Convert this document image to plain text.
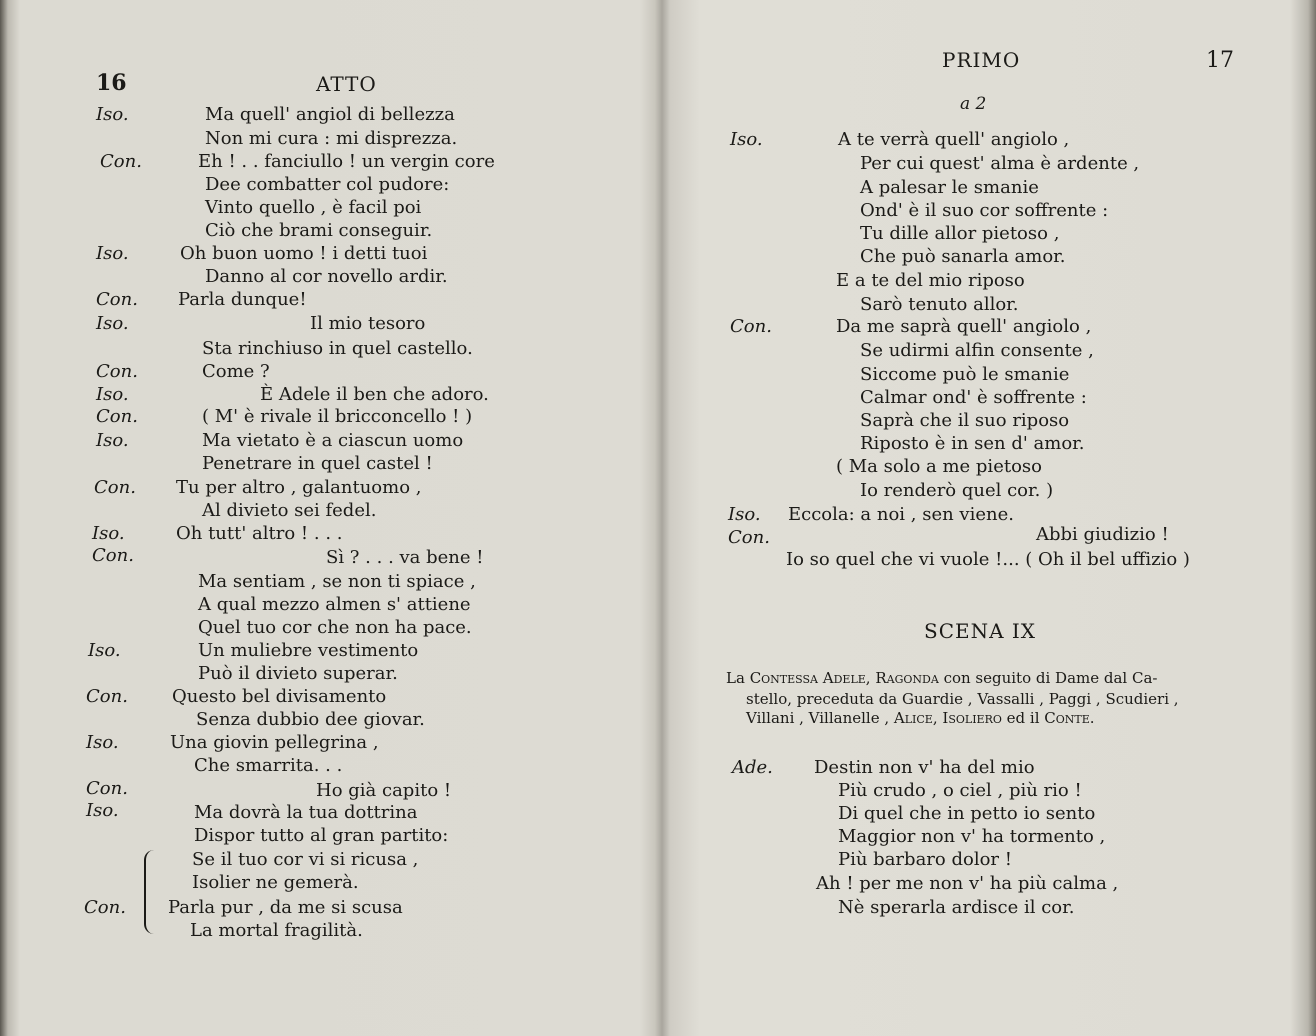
16	ATTO
Iso.	Ma quell' angiol di bellezza
Non mi cura : mi disprezza.
Con.	Eh ! . . fanciullo ! un vergin core
Dee combatter col pudore:
Vinto quello , è facil poi
Ciò che brami conseguir.
Iso.	Oh buon uomo ! i detti tuoi
Danno al cor novello ardir.
Con. Parla dunque!
Iso.	Il mio tesoro
Sta rinchiuso in quel castello.
Con.	Come ?
Iso.	È Adele il ben che adoro.
Con.	( M' è rivale il bricconcello ! )
Iso.	Ma vietato è a ciascun uomo
Penetrare in quel castel !
Con. Tu per altro , galantuomo ,
Al divieto sei fedel.
Iso.	Oh tutt' altro ! . . .
Con.	Sì ? . . . va bene !
Ma sentiam , se non ti spiace ,
A qual mezzo almen s' attiene
Quel tuo cor che non ha pace.
Iso.	Un muliebre vestimento
Può il divieto superar.
Con. Questo bel divisamento
Senza dubbio dee giovar.
Iso.	Una giovin pellegrina ,
Che smarrita. . .
Con.	Ho già capito !
Iso.	Ma dovrà la tua dottrina
Dispor tutto al gran partito:
Se il tuo cor vi si ricusa ,
Isolier ne gemerà.
Con. Parla pur , da me si scusa
La mortal fragilità.
PRIMO	17
a 2
Iso.	A te verrà quell' angiolo ,
Per cui quest' alma è ardente ,
A palesar le smanie
Ond' è il suo cor soffrente :
Tu dille allor pietoso ,
Che può sanarla amor.
E a te del mio riposo
Sarò tenuto allor.
Con.	Da me saprà quell' angiolo ,
Se udirmi alfin consente ,
Siccome può le smanie
Calmar ond' è soffrente :
Saprà che il suo riposo
Riposto è in sen d' amor.
( Ma solo a me pietoso
Io renderò quel cor. )
Iso. Eccola: a noi , sen viene.
Con.	Abbi giudizio !
Io so quel che vi vuole !... ( Oh il bel uffizio )
SCENA IX
La Contessa Adele, Ragonda con seguito di Dame dal Ca-
stello, preceduta da Guardie , Vassalli , Paggi , Scudieri ,
Villani , Villanelle , Alice, Isoliero ed il Conte.
Ade. Destin non v' ha del mio
Più crudo , o ciel , più rio !
Di quel che in petto io sento
Maggior non v' ha tormento ,
Più barbaro dolor !
Ah ! per me non v' ha più calma ,
Nè sperarla ardisce il cor.
